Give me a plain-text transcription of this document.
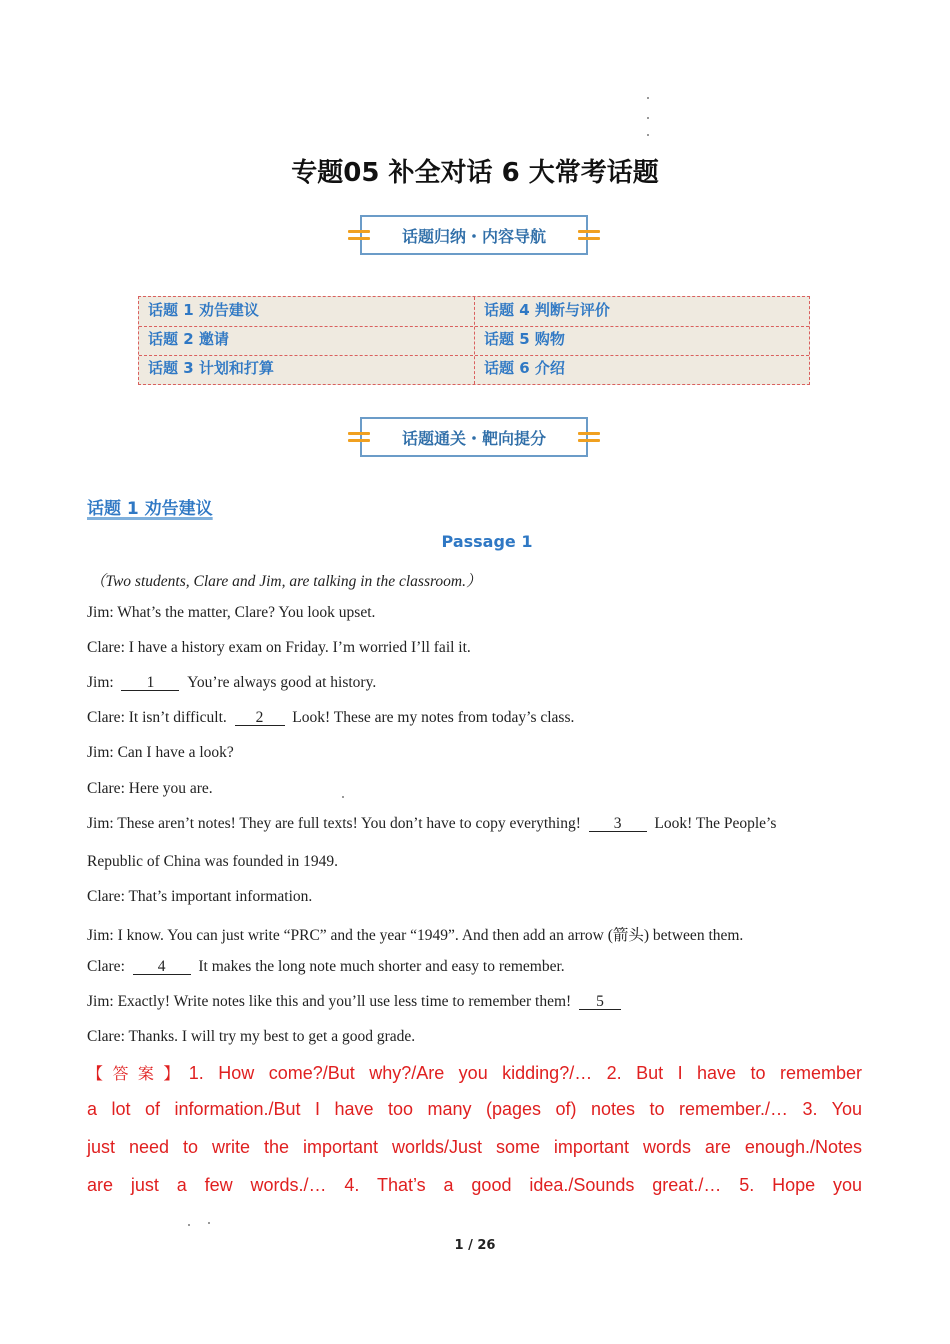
专题05 补全对话 6 大常考话题
话题归纳・内容导航
话题 1 劝告建议
话题 2 邀请
话题 3 计划和打算
话题 4 判断与评价
话题 5 购物
话题 6 介绍
话题通关・靶向提分
话题 1 劝告建议
Passage 1
（Two students, Clare and Jim, are talking in the classroom.）
Jim: What’s the matter, Clare? You look upset.
Clare: I have a history exam on Friday. I’m worried I’ll fail it.
Jim: 1 You’re always good at history.
Clare: It isn’t difficult. 2 Look! These are my notes from today’s class.
Jim: Can I have a look?
Clare: Here you are.
Jim: These aren’t notes! They are full texts! You don’t have to copy everything! 3 Look! The People’s
Republic of China was founded in 1949.
Clare: That’s important information.
Jim: I know. You can just write “PRC” and the year “1949”. And then add an arrow (箭头) between them.
Clare: 4 It makes the long note much shorter and easy to remember.
Jim: Exactly! Write notes like this and you’ll use less time to remember them! 5
Clare: Thanks. I will try my best to get a good grade.
【答案】1. How come?/But why?/Are you kidding?/… 2. But I have to remember
a lot of information./But I have too many (pages of) notes to remember./… 3. You
just need to write the important worlds/Just some important words are enough./Notes
are just a few words./… 4. That’s a good idea./Sounds great./… 5. Hope you
1 / 26
